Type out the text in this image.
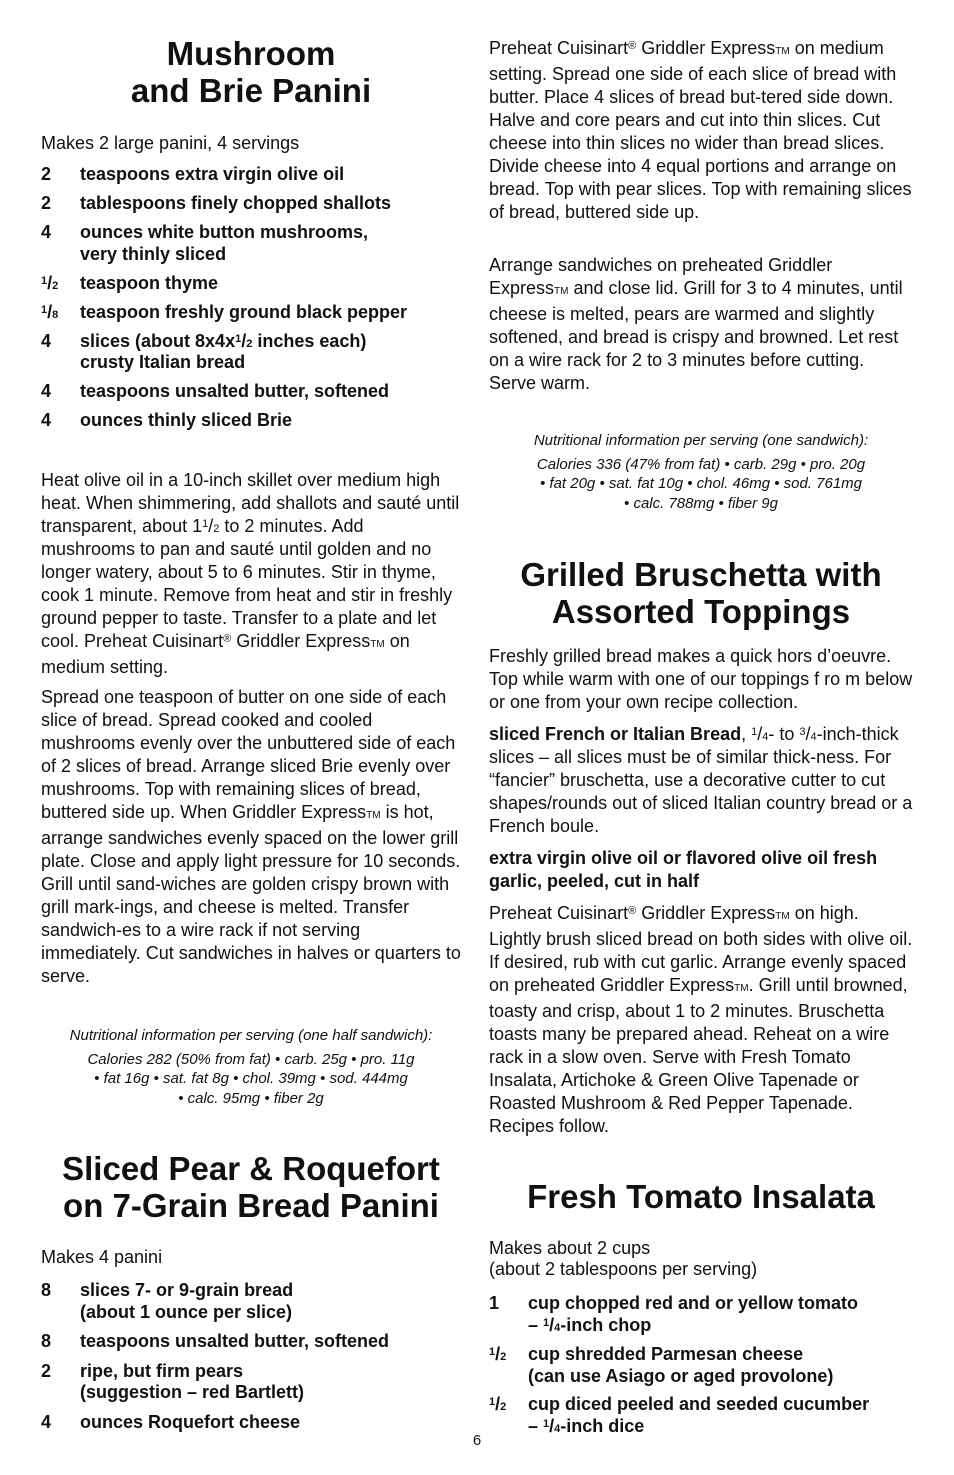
Mushroom
and Brie Panini

Makes 2 large panini, 4 servings

2	teaspoons extra virgin olive oil
2	tablespoons finely chopped shallots
4	ounces white button mushrooms,
very thinly sliced
$^1$/2	teaspoon thyme
$^1$/8	teaspoon freshly ground black pepper
4	slices (about $8x4x^1/2$ inches each)
crusty Italian bread
4	teaspoons unsalted butter, softened
4	ounces thinly sliced Brie

Heat olive oil in a 10-inch skillet over medium high heat. When shimmering, add shallots and sauté until transparent, about $1^1/2$ to 2 minutes. Add mushrooms to pan and sauté until golden and no longer watery, about 5 to 6 minutes. Stir in thyme, cook 1 minute. Remove from heat and stir in freshly ground pepper to taste. Transfer to a plate and let cool. Preheat Cuisinart® Griddler ExpressTM on medium setting.

Spread one teaspoon of butter on one side of each slice of bread. Spread cooked and cooled mushrooms evenly over the unbuttered side of each of 2 slices of bread. Arrange sliced Brie evenly over mushrooms. Top with remaining slices of bread, buttered side up. When Griddler ExpressTM is hot, arrange sandwiches evenly spaced on the lower grill plate. Close and apply light pressure for 10 seconds. Grill until sand-wiches are golden crispy brown with grill mark-ings, and cheese is melted. Transfer sandwich-es to a wire rack if not serving immediately. Cut sandwiches in halves or quarters to serve.

Nutritional information per serving (one half sandwich):

Calories 282 (50% from fat) • carb. 25g • pro. 11g

• fat 16g • sat. fat 8g • chol. 39mg • sod. 444mg

• calc. 95mg • fiber 2g

Sliced Pear & Roquefort
on 7-Grain Bread Panini

Makes 4 panini

8	slices 7- or 9-grain bread
(about 1 ounce per slice)
8	teaspoons unsalted butter, softened
2	ripe, but firm pears
(suggestion – red Bartlett)
4	ounces Roquefort cheese

Preheat Cuisinart® Griddler ExpressTM on medium setting. Spread one side of each slice of bread with butter. Place 4 slices of bread but-tered side down. Halve and core pears and cut into thin slices. Cut cheese into thin slices no wider than bread slices. Divide cheese into 4 equal portions and arrange on bread. Top with pear slices. Top with remaining slices of bread, buttered side up.

Arrange sandwiches on preheated Griddler ExpressTM and close lid. Grill for 3 to 4 minutes, until cheese is melted, pears are warmed and slightly softened, and bread is crispy and browned. Let rest on a wire rack for 2 to 3 minutes before cutting. Serve warm.

Nutritional information per serving (one sandwich):

Calories 336 (47% from fat) • carb. 29g • pro. 20g

• fat 20g • sat. fat 10g • chol. 46mg • sod. 761mg

• calc. 788mg • fiber 9g

Grilled Bruschetta with
Assorted Toppings

Freshly grilled bread makes a quick hors d’oeuvre. Top while warm with one of our toppings f ro m below or one from your own recipe collection.

sliced French or Italian Bread, $^1$/4- to $^3$/4-inch-thick slices – all slices must be of similar thick-ness. For “fancier” bruschetta, use a decorative cutter to cut shapes/rounds out of sliced Italian country bread or a French boule.

extra virgin olive oil or flavored olive oil fresh garlic, peeled, cut in half

Preheat Cuisinart® Griddler ExpressTM on high. Lightly brush sliced bread on both sides with olive oil. If desired, rub with cut garlic. Arrange evenly spaced on preheated Griddler ExpressTM. Grill until browned, toasty and crisp, about 1 to 2 minutes. Bruschetta toasts many be prepared ahead. Reheat on a wire rack in a slow oven. Serve with Fresh Tomato Insalata, Artichoke & Green Olive Tapenade or Roasted Mushroom & Red Pepper Tapenade. Recipes follow.

Fresh Tomato Insalata

Makes about 2 cups
(about 2 tablespoons per serving)

1	cup chopped red and or yellow tomato
– $^1$/4-inch chop
$^1$/2	cup shredded Parmesan cheese
(can use Asiago or aged provolone)
$^1$/2	cup diced peeled and seeded cucumber
– $^1$/4-inch dice
6
